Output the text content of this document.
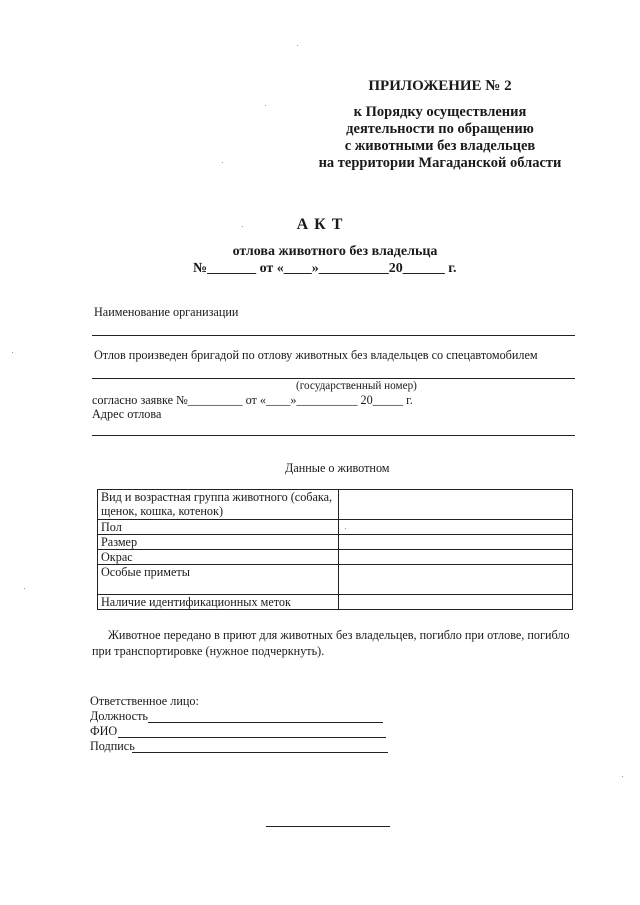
ПРИЛОЖЕНИЕ № 2
к Порядку осуществления
деятельности по обращению
с животными без владельцев
на территории Магаданской области
А К Т
отлова животного без владельца
№_______ от «____»__________20______ г.
Наименование организации
Отлов произведен бригадой по отлову животных без владельцев со спецавтомобилем
(государственный номер)
согласно заявке №_________ от «____»__________ 20_____ г.
Адрес отлова
Данные о животном
Вид и возрастная группа животного (собака, щенок, кошка, котенок)	
Пол	
Размер	
Окрас	
Особые приметы	
Наличие идентификационных меток	
Животное передано в приют для животных без владельцев, погибло при отлове, погибло
при транспортировке (нужное подчеркнуть).
Ответственное лицо:
Должность
ФИО
Подпись
